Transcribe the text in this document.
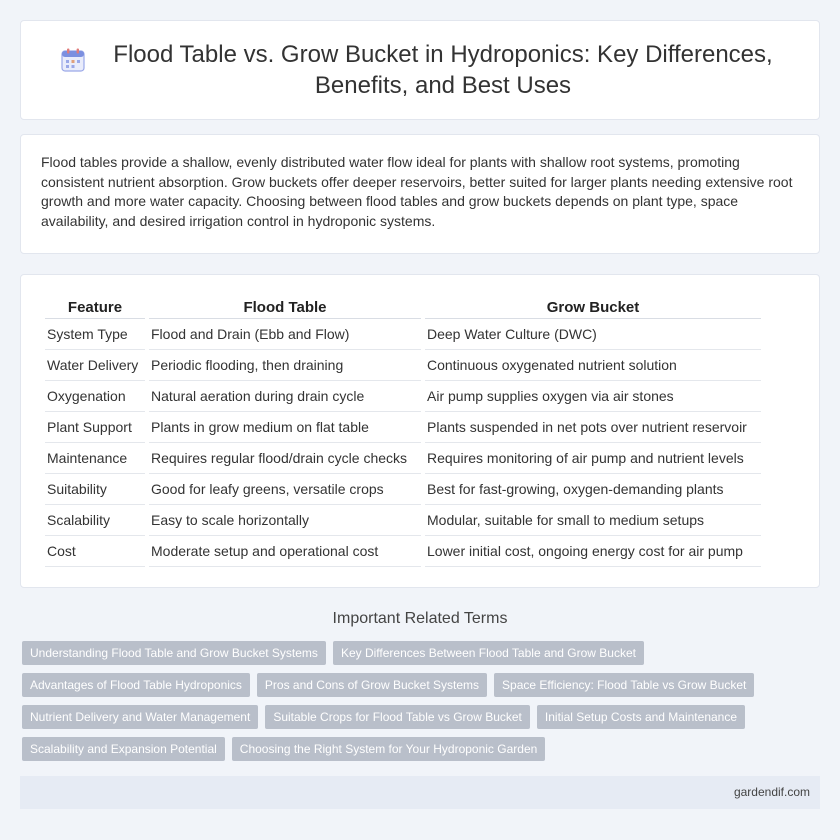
Flood Table vs. Grow Bucket in Hydroponics: Key Differences, Benefits, and Best Uses

Flood tables provide a shallow, evenly distributed water flow ideal for plants with shallow root systems, promoting consistent nutrient absorption. Grow buckets offer deeper reservoirs, better suited for larger plants needing extensive root growth and more water capacity. Choosing between flood tables and grow buckets depends on plant type, space availability, and desired irrigation control in hydroponic systems.

Feature	Flood Table	Grow Bucket
System Type	Flood and Drain (Ebb and Flow)	Deep Water Culture (DWC)
Water Delivery	Periodic flooding, then draining	Continuous oxygenated nutrient solution
Oxygenation	Natural aeration during drain cycle	Air pump supplies oxygen via air stones
Plant Support	Plants in grow medium on flat table	Plants suspended in net pots over nutrient reservoir
Maintenance	Requires regular flood/drain cycle checks	Requires monitoring of air pump and nutrient levels
Suitability	Good for leafy greens, versatile crops	Best for fast-growing, oxygen-demanding plants
Scalability	Easy to scale horizontally	Modular, suitable for small to medium setups
Cost	Moderate setup and operational cost	Lower initial cost, ongoing energy cost for air pump
Important Related Terms
Understanding Flood Table and Grow Bucket Systems	Key Differences Between Flood Table and Grow Bucket
Advantages of Flood Table Hydroponics	Pros and Cons of Grow Bucket Systems	Space Efficiency: Flood Table vs Grow Bucket
Nutrient Delivery and Water Management	Suitable Crops for Flood Table vs Grow Bucket	Initial Setup Costs and Maintenance
Scalability and Expansion Potential	Choosing the Right System for Your Hydroponic Garden
gardendif.com
